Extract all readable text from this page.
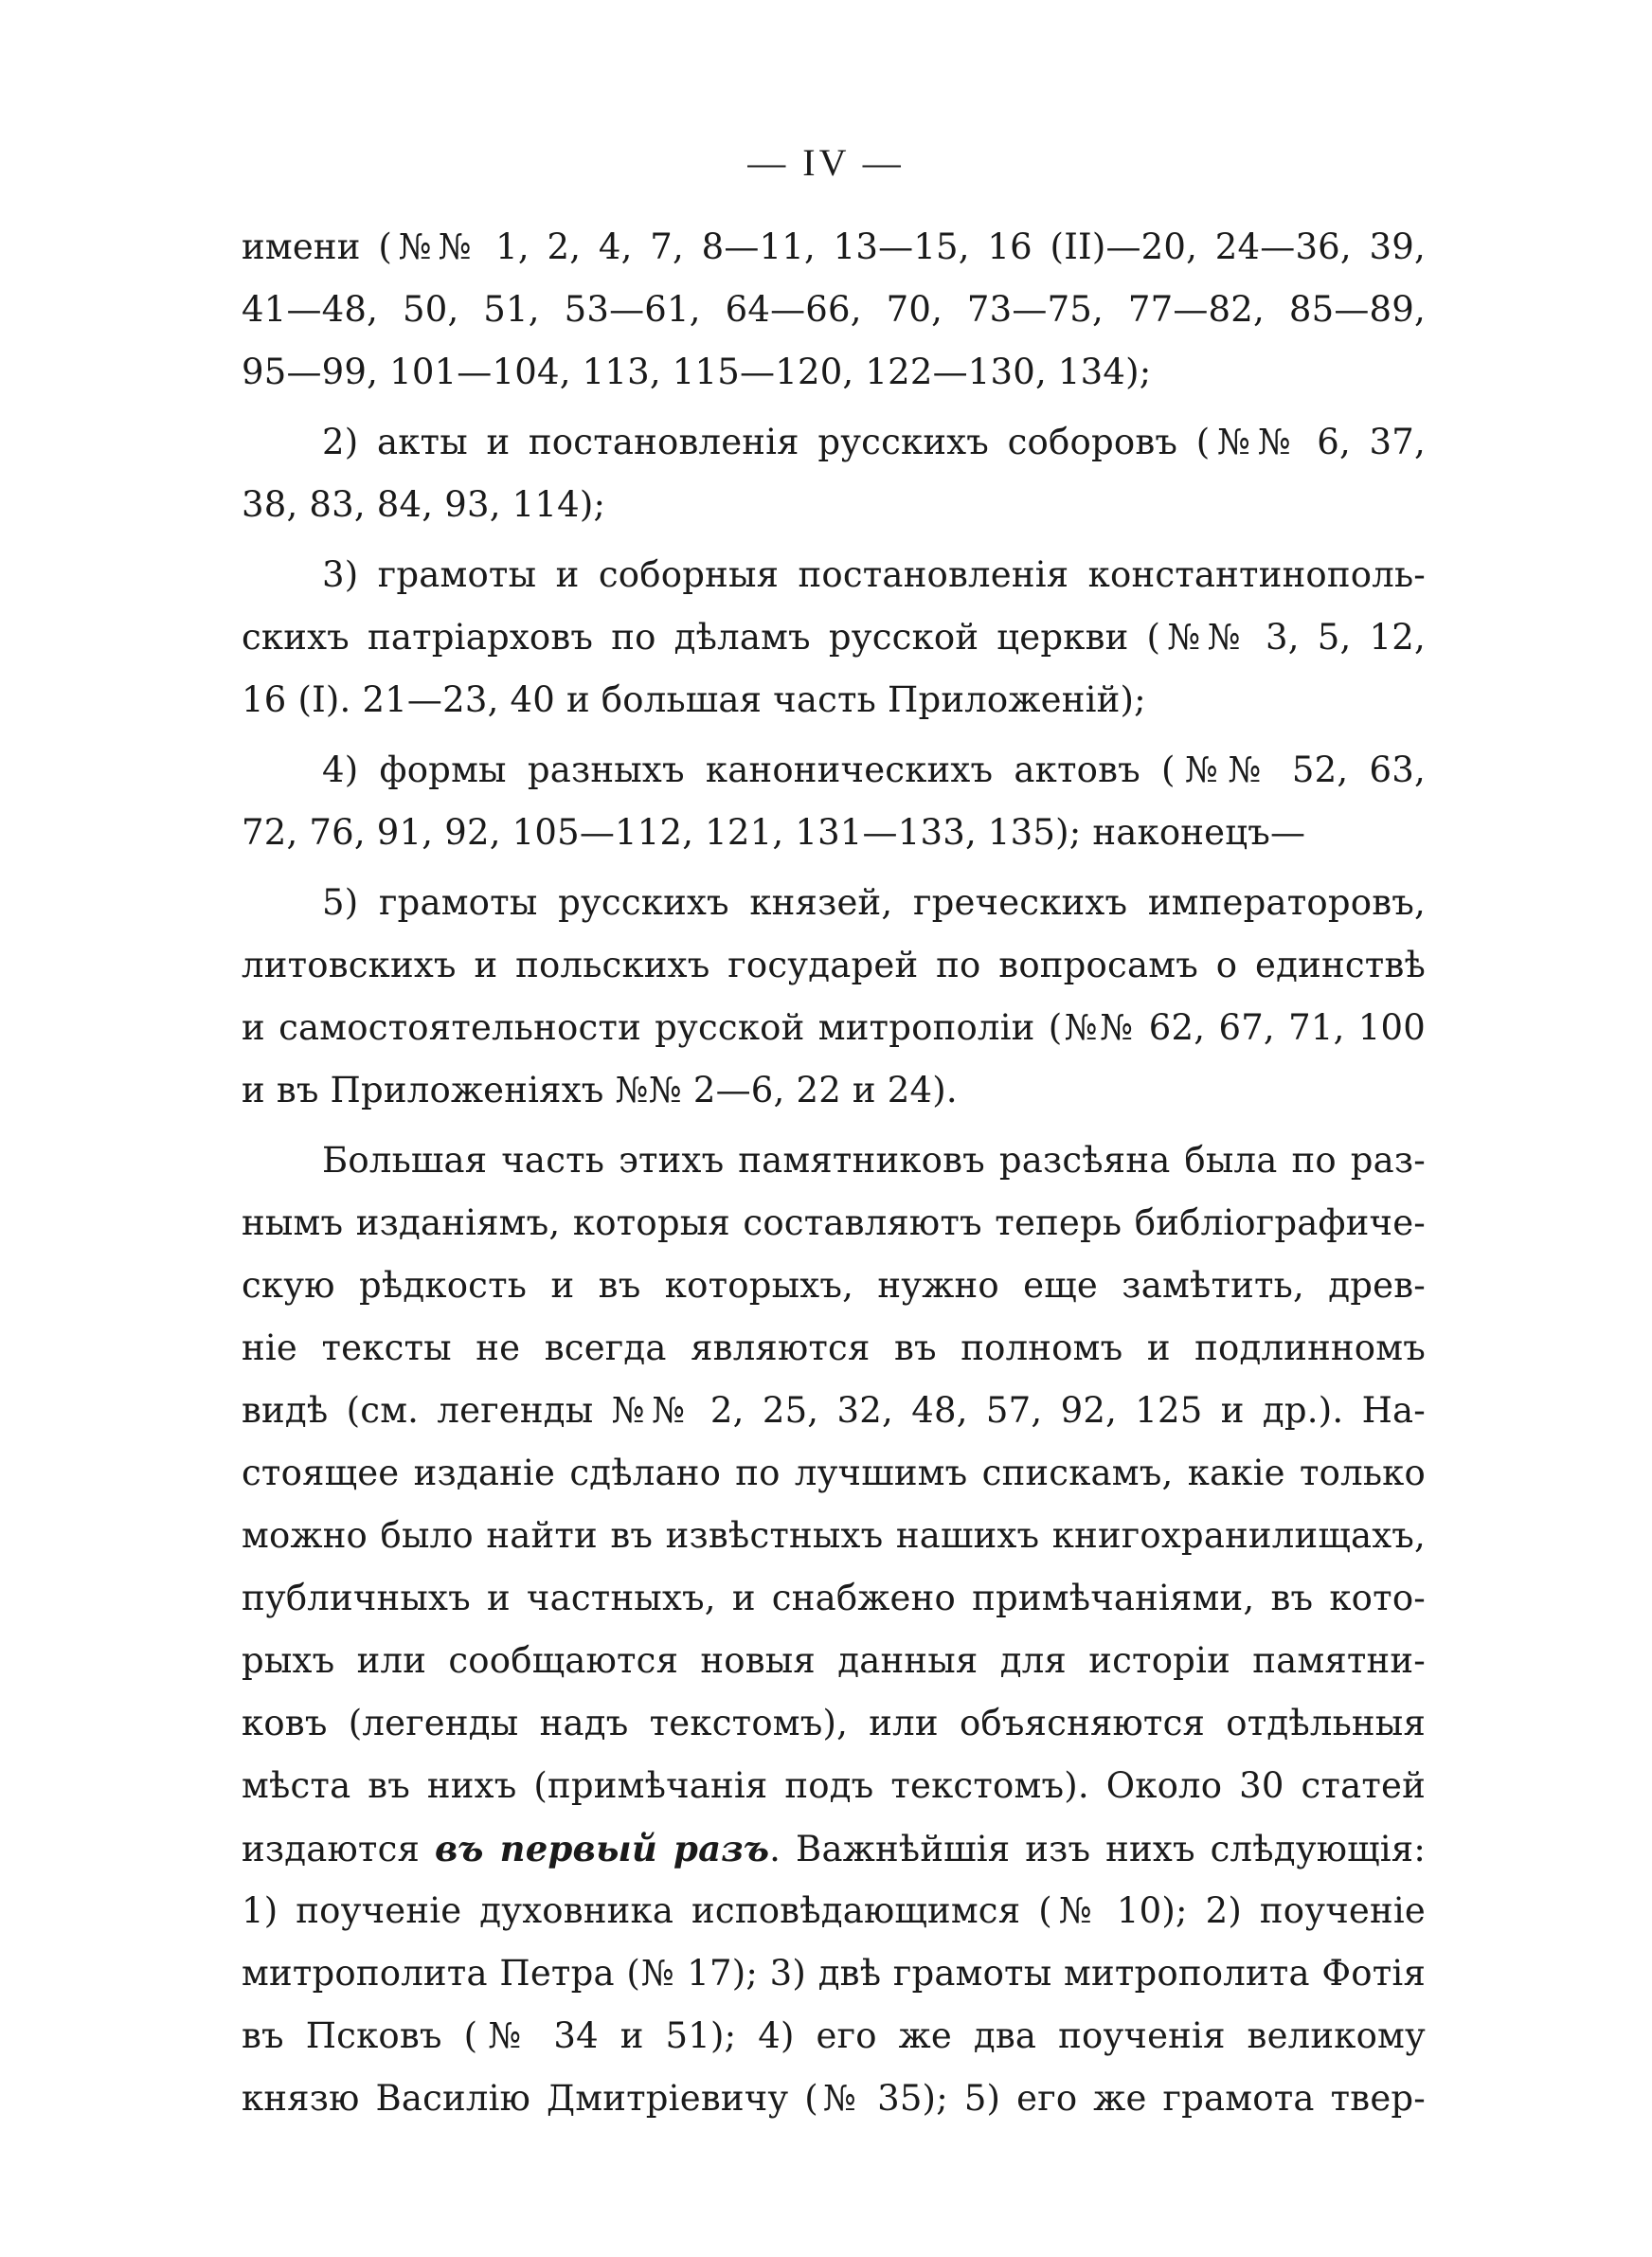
— IV —
имени (№№ 1, 2, 4, 7, 8—11, 13—15, 16 (II)—20, 24—36, 39,
41—48, 50, 51, 53—61, 64—66, 70, 73—75, 77—82, 85—89,
95—99, 101—104, 113, 115—120, 122—130, 134);
2) акты и постановленія русскихъ соборовъ (№№ 6, 37,
38, 83, 84, 93, 114);
3) грамоты и соборныя постановленія константинополь-
скихъ патріарховъ по дѣламъ русской церкви (№№ 3, 5, 12,
16 (I). 21—23, 40 и большая часть Приложеній);
4) формы разныхъ каноническихъ актовъ (№№ 52, 63,
72, 76, 91, 92, 105—112, 121, 131—133, 135); наконецъ—
5) грамоты русскихъ князей, греческихъ императоровъ,
литовскихъ и польскихъ государей по вопросамъ о единствѣ
и самостоятельности русской митрополіи (№№ 62, 67, 71, 100
и въ Приложеніяхъ №№ 2—6, 22 и 24).
Большая часть этихъ памятниковъ разсѣяна была по раз-
нымъ изданіямъ, которыя составляютъ теперь библіографиче-
скую рѣдкость и въ которыхъ, нужно еще замѣтить, древ-
ніе тексты не всегда являются въ полномъ и подлинномъ
видѣ (см. легенды №№ 2, 25, 32, 48, 57, 92, 125 и др.). На-
стоящее изданіе сдѣлано по лучшимъ спискамъ, какіе только
можно было найти въ извѣстныхъ нашихъ книгохранилищахъ,
публичныхъ и частныхъ, и снабжено примѣчаніями, въ кото-
рыхъ или сообщаются новыя данныя для исторіи памятни-
ковъ (легенды надъ текстомъ), или объясняются отдѣльныя
мѣста въ нихъ (примѣчанія подъ текстомъ). Около 30 статей
издаются въ первый разъ. Важнѣйшія изъ нихъ слѣдующія:
1) поученіе духовника исповѣдающимся (№ 10); 2) поученіе
митрополита Петра (№ 17); 3) двѣ грамоты митрополита Фотія
въ Псковъ (№ 34 и 51); 4) его же два поученія великому
князю Василію Дмитріевичу (№ 35); 5) его же грамота твер-
